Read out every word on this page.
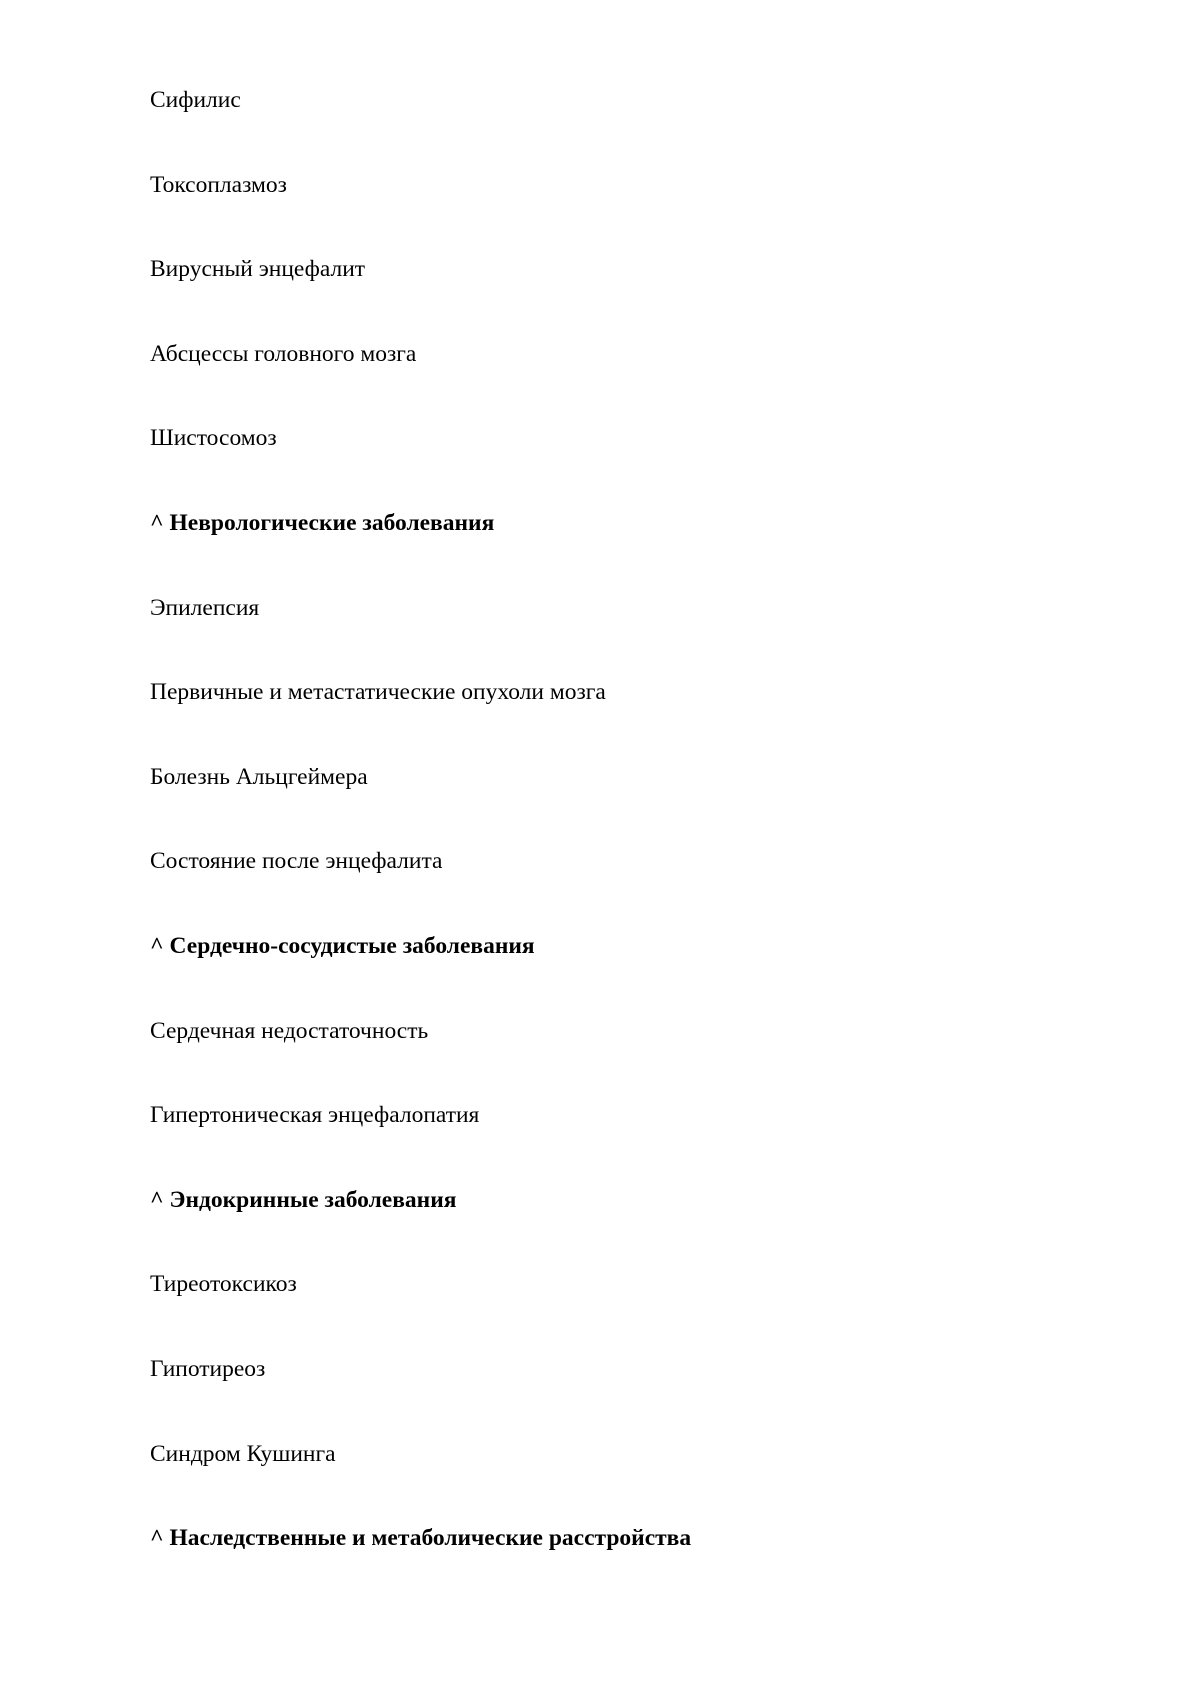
Сифилис
Токсоплазмоз
Вирусный энцефалит
Абсцессы головного мозга
Шистосомоз
^ Неврологические заболевания
Эпилепсия
Первичные и метастатические опухоли мозга
Болезнь Альцгеймера
Состояние после энцефалита
^ Сердечно-сосудистые заболевания
Сердечная недостаточность
Гипертоническая энцефалопатия
^ Эндокринные заболевания
Тиреотоксикоз
Гипотиреоз
Синдром Кушинга
^ Наследственные и метаболические расстройства
